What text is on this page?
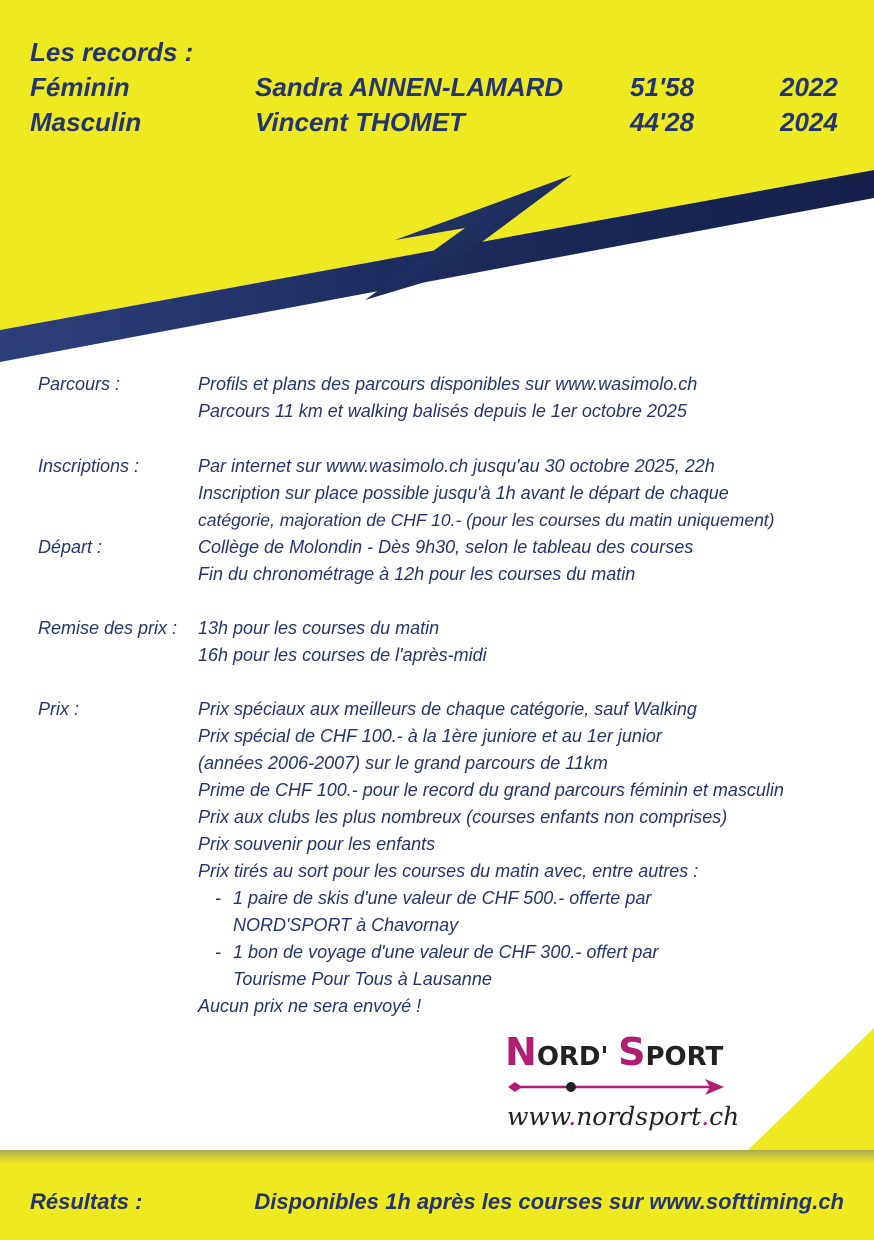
Les records :
Féminin	Sandra ANNEN-LAMARD	51'58	2022
Masculin	Vincent THOMET	44'28	2024
Parcours :	Profils et plans des parcours disponibles sur www.wasimolo.ch
Parcours 11 km et walking balisés depuis le 1er octobre 2025
Inscriptions :	Par internet sur www.wasimolo.ch jusqu'au 30 octobre 2025, 22h
Inscription sur place possible jusqu'à 1h avant le départ de chaque
catégorie, majoration de CHF 10.- (pour les courses du matin uniquement)
Départ :	Collège de Molondin - Dès 9h30, selon le tableau des courses
Fin du chronométrage à 12h pour les courses du matin
Remise des prix : 13h pour les courses du matin
16h pour les courses de l'après-midi
Prix :	Prix spéciaux aux meilleurs de chaque catégorie, sauf Walking
Prix spécial de CHF 100.- à la 1ère juniore et au 1er junior
(années 2006-2007) sur le grand parcours de 11km
Prime de CHF 100.- pour le record du grand parcours féminin et masculin
Prix aux clubs les plus nombreux (courses enfants non comprises)
Prix souvenir pour les enfants
Prix tirés au sort pour les courses du matin avec, entre autres :
- 1 paire de skis d'une valeur de CHF 500.- offerte par
NORD'SPORT à Chavornay
- 1 bon de voyage d'une valeur de CHF 300.- offert par
Tourisme Pour Tous à Lausanne
Aucun prix ne sera envoyé !
NORD' SPORT
www.nordsport.ch
Résultats :	Disponibles 1h après les courses sur www.softtiming.ch
